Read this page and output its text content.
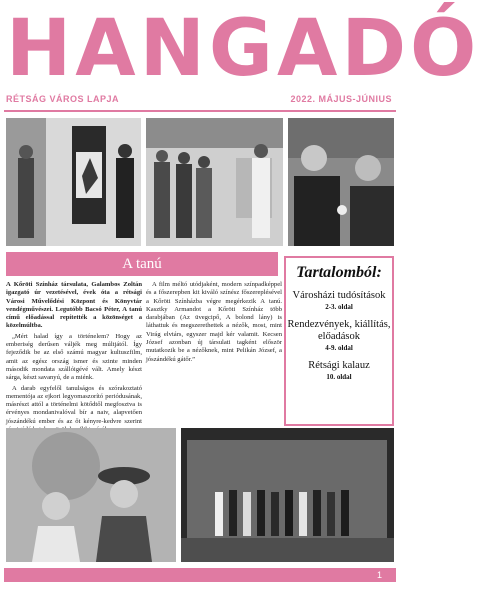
HANGADÓ
RÉTSÁG VÁROS LAPJA	2022. MÁJUS-JÚNIUS
A tanú

A Kőröti Színház társulata, Galambos Zoltán igazgató úr vezetésével, évek óta a rétsági Városi Művelődési Központ és Könyvtár vendégművészei. Legutóbb Bacsó Péter, A tanú című előadással repítették a közönséget a közelmúltba.

„Mért halad így a történelem? Hogy az emberiség derűsen váljék meg múltjától. Így fejeződik be az első számú magyar kultuszfilm, amit az egész ország ismer és szinte minden második mondata szállóigévé vált. Amely készt sárga, készt savanyú, de a miénk.

A darab egyfelől tanulságos és szórakoztató mementója az ejkori legyomaszorító periódusának, másrészt attól a történelmi kötődtől megfosztva is érvényes mondanivalóval bír a naiv, alapvetően jószándékú ember és az őt kényre-kedvre szerint

A film méltó utódjaként, modern színpadképpel és a főszerepben kit kiváló színész főszereplésével a Kőröti Színházba végre megérkezik A tanú. Kasztky Armandot a Kőröti Színház több darabjában (Az üvegcipő, A bolond lány) is láthattuk és megszerethettek a nézők, most, mint Virág elvtárs, egyszer majd kér valamit. Kecsen József azonban új társulati tagként először mutatkozik be a nézőknek, mint Pelikán József, a jószándékú gátőr.”

Tartalomból:
Városházi tudósítások
2-3. oldal
Rendezvények, kiállítás, előadások
4-9. oldal
Rétsági kalauz
10. oldal
1
